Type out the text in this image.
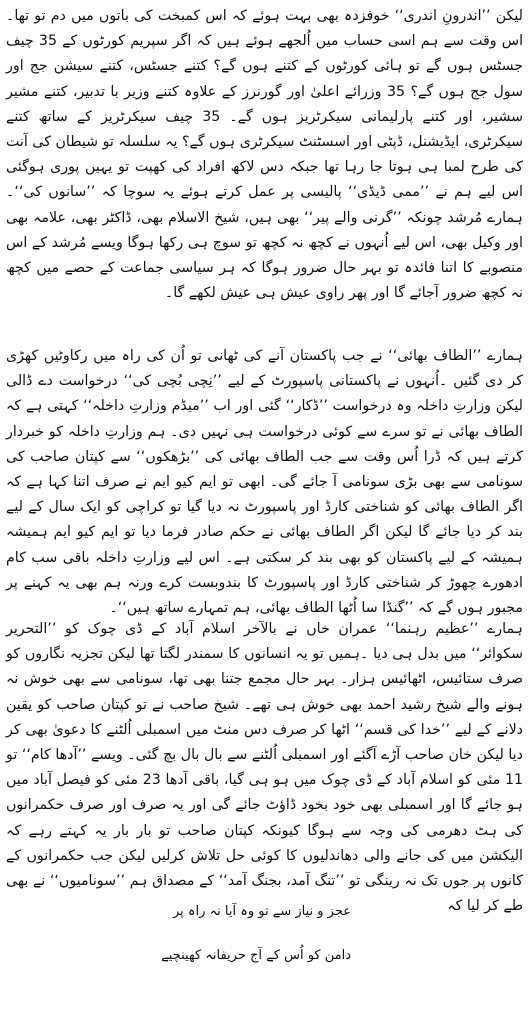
لیکن ’’اندرونِ اندری‘‘ خوفزدہ بھی بہت ہوئے کہ اس کمبخت کی باتوں میں دم تو تھا۔ اس وقت سے ہم اسی حساب میں اُلجھے ہوئے ہیں کہ اگر سپریم کورٹوں کے 35 چیف جسٹس ہوں گے تو ہائی کورٹوں کے کتنے ہوں گے؟ کتنے جسٹس، کتنے سیشن جج اور سول جج ہوں گے؟ 35 وزرائے اعلیٰ اور گورنرز کے علاوہ کتنے وزیر با تدبیر، کتنے مشیر سشیر، اور کتنے پارلیمانی سیکرٹریز ہوں گے۔ 35 چیف سیکرٹریز کے ساتھ کتنے سیکرٹری، ایڈیشنل، ڈپٹی اور اسسٹنٹ سیکرٹری ہوں گے؟ یہ سلسلہ تو شیطان کی آنت کی طرح لمبا ہی ہوتا جا رہا تھا جبکہ دس لاکھ افراد کی کھپت تو یہیں پوری ہوگئی اس لیے ہم نے ’’ممی ڈیڈی‘‘ پالیسی پر عمل کرتے ہوئے یہ سوچا کہ ’’سانوں کی‘‘۔ ہمارے مُرشد چونکہ ’’گرنی والے پیر‘‘ بھی ہیں، شیخ الاسلام بھی، ڈاکٹر بھی، علامہ بھی اور وکیل بھی، اس لیے اُنہوں نے کچھ نہ کچھ تو سوچ ہی رکھا ہوگا ویسے مُرشد کے اس منصوبے کا اتنا فائدہ تو بہر حال ضرور ہوگا کہ ہر سیاسی جماعت کے حصے میں کچھ نہ کچھ ضرور آجائے گا اور پھر راوی عیش ہی عیش لکھے گا۔

ہمارے ’’الطاف بھائی‘‘ نے جب پاکستان آنے کی ٹھانی تو اُن کی راہ میں رکاوٹیں کھڑی کر دی گئیں ۔اُنہوں نے پاکستانی پاسپورٹ کے لیے ’’نِچی بُچی کی‘‘ درخواست دے ڈالی لیکن وزارتِ داخلہ وہ درخواست ’’ڈکار‘‘ گئی اور اب ’’میڈم وزارتِ داخلہ‘‘ کہتی ہے کہ الطاف بھائی نے تو سرے سے کوئی درخواست ہی نہیں دی۔ ہم وزارتِ داخلہ کو خبردار کرتے ہیں کہ ڈرا اُس وقت سے جب الطاف بھائی کی ’’بڑھکوں‘‘ سے کپتان صاحب کی سونامی سے بھی بڑی سونامی آ جائے گی۔ ابھی تو ایم کیو ایم نے صرف اتنا کہا ہے کہ اگر الطاف بھائی کو شناختی کارڈ اور پاسپورٹ نہ دیا گیا تو کراچی کو ایک سال کے لیے بند کر دیا جائے گا لیکن اگر الطاف بھائی نے حکم صادر فرما دیا تو ایم کیو ایم ہمیشہ ہمیشہ کے لیے پاکستان کو بھی بند کر سکتی ہے۔ اس لیے وزارتِ داخلہ باقی سب کام ادھورے چھوڑ کر شناختی کارڈ اور پاسپورٹ کا بندوبست کرے ورنہ ہم بھی یہ کہنے پر مجبور ہوں گے کہ ’’گنڈا سا اُٹھا الطاف بھائی، ہم تمہارے ساتھ ہیں‘‘۔

ہمارے ’’عظیم رہنما‘‘ عمران خاں نے بالآخر اسلام آباد کے ڈی چوک کو ’’التحریر سکوائر‘‘ میں بدل ہی دیا ۔ہمیں تو یہ انسانوں کا سمندر لگتا تھا لیکن تجزیہ نگاروں کو صرف ستائیس، اٹھائیس ہزار۔ بہر حال مجمع جتنا بھی تھا، سونامی سے بھی خوش نہ ہونے والے شیخ رشید احمد بھی خوش ہی تھے۔ شیخ صاحب نے تو کپتان صاحب کو یقین دلانے کے لیے ’’خدا کی قسم‘‘ اٹھا کر صرف دس منٹ میں اسمبلی اُلٹنے کا دعویٰ بھی کر دیا لیکن خان صاحب آڑے آگئے اور اسمبلی اُلٹنے سے بال بال بچ گئی۔ ویسے ’’آدھا کام‘‘ تو 11 مئی کو اسلام آباد کے ڈی چوک میں ہو ہی گیا، باقی آدھا 23 مئی کو فیصل آباد میں ہو جائے گا اور اسمبلی بھی خود بخود ڈاؤٹ جائے گی اور یہ صرف اور صرف حکمرانوں کی ہٹ دھرمی کی وجہ سے ہوگا کیونکہ کپتان صاحب تو بار بار یہ کہتے رہے کہ الیکشن میں کی جانے والی دھاندلیوں کا کوئی حل تلاش کرلیں لیکن جب حکمرانوں کے کانوں پر جوں تک نہ رینگی تو ’’تنگ آمد، بجنگ آمد‘‘ کے مصداق ہم ’’سونامیوں‘‘ نے بھی طے کر لیا کہ

عجز و نیاز سے تو وہ آیا نہ راہ پر
دامن کو اُس کے آج حریفانہ کھینچیے
